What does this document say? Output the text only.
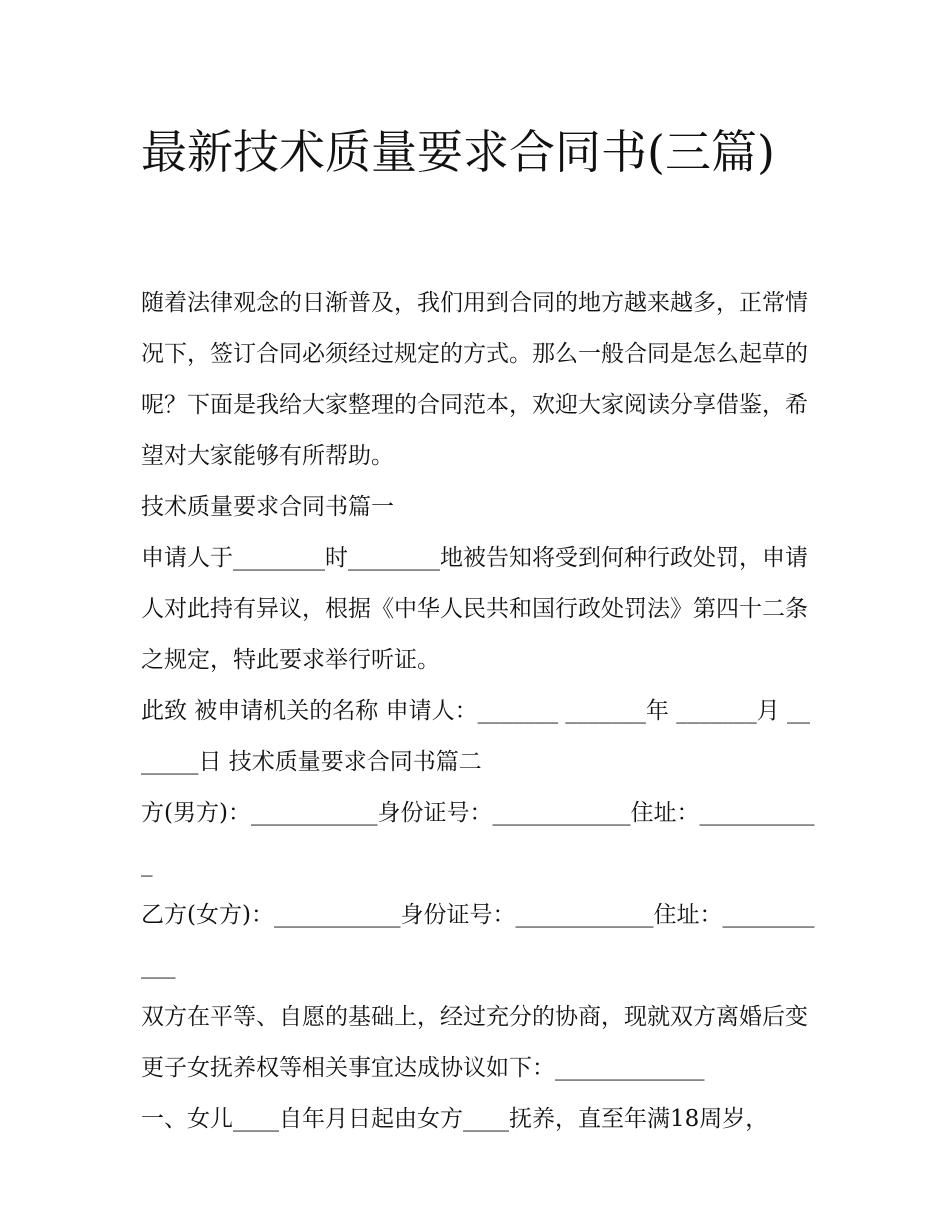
最新技术质量要求合同书(三篇)

随着法律观念的日渐普及，我们用到合同的地方越来越多，正常情况下，签订合同必须经过规定的方式。那么一般合同是怎么起草的呢？下面是我给大家整理的合同范本，欢迎大家阅读分享借鉴，希望对大家能够有所帮助。

技术质量要求合同书篇一

申请人于________时________地被告知将受到何种行政处罚，申请人对此持有异议，根据《中华人民共和国行政处罚法》第四十二条之规定，特此要求举行听证。

此致 被申请机关的名称 申请人：_______ _______年 _______月 _______日 技术质量要求合同书篇二

方(男方)：___________身份证号：____________住址：___________

乙方(女方)：___________身份证号：____________住址：___________

双方在平等、自愿的基础上，经过充分的协商，现就双方离婚后变更子女抚养权等相关事宜达成协议如下：_____________

一、女儿____自年月日起由女方____抚养，直至年满18周岁，
